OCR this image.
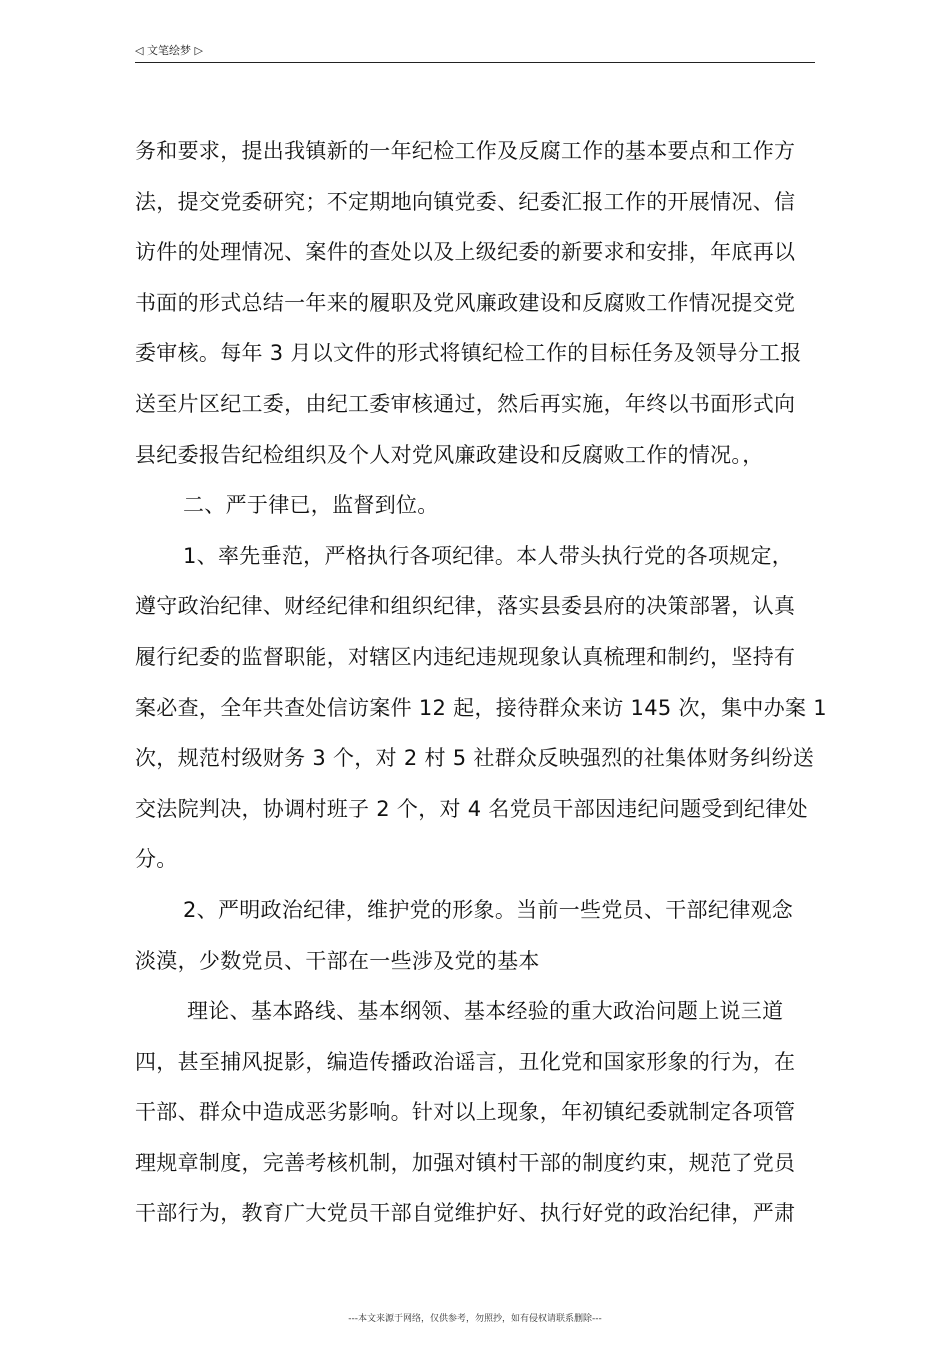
◁ 文笔绘梦 ▷
务和要求，提出我镇新的一年纪检工作及反腐工作的基本要点和工作方
法，提交党委研究；不定期地向镇党委、纪委汇报工作的开展情况、信
访件的处理情况、案件的查处以及上级纪委的新要求和安排，年底再以
书面的形式总结一年来的履职及党风廉政建设和反腐败工作情况提交党
委审核。每年 3 月以文件的形式将镇纪检工作的目标任务及领导分工报
送至片区纪工委，由纪工委审核通过，然后再实施，年终以书面形式向
县纪委报告纪检组织及个人对党风廉政建设和反腐败工作的情况。，
二、严于律已，监督到位。
1、率先垂范，严格执行各项纪律。本人带头执行党的各项规定，
遵守政治纪律、财经纪律和组织纪律，落实县委县府的决策部署，认真
履行纪委的监督职能，对辖区内违纪违规现象认真梳理和制约，坚持有
案必查，全年共查处信访案件 12 起，接待群众来访 145 次，集中办案 1
次，规范村级财务 3 个，对 2 村 5 社群众反映强烈的社集体财务纠纷送
交法院判决，协调村班子 2 个，对 4 名党员干部因违纪问题受到纪律处
分。
2、严明政治纪律，维护党的形象。当前一些党员、干部纪律观念
淡漠，少数党员、干部在一些涉及党的基本
理论、基本路线、基本纲领、基本经验的重大政治问题上说三道
四，甚至捕风捉影，编造传播政治谣言，丑化党和国家形象的行为，在
干部、群众中造成恶劣影响。针对以上现象，年初镇纪委就制定各项管
理规章制度，完善考核机制，加强对镇村干部的制度约束，规范了党员
干部行为，教育广大党员干部自觉维护好、执行好党的政治纪律，严肃
---本文来源于网络，仅供参考，勿照抄，如有侵权请联系删除---
